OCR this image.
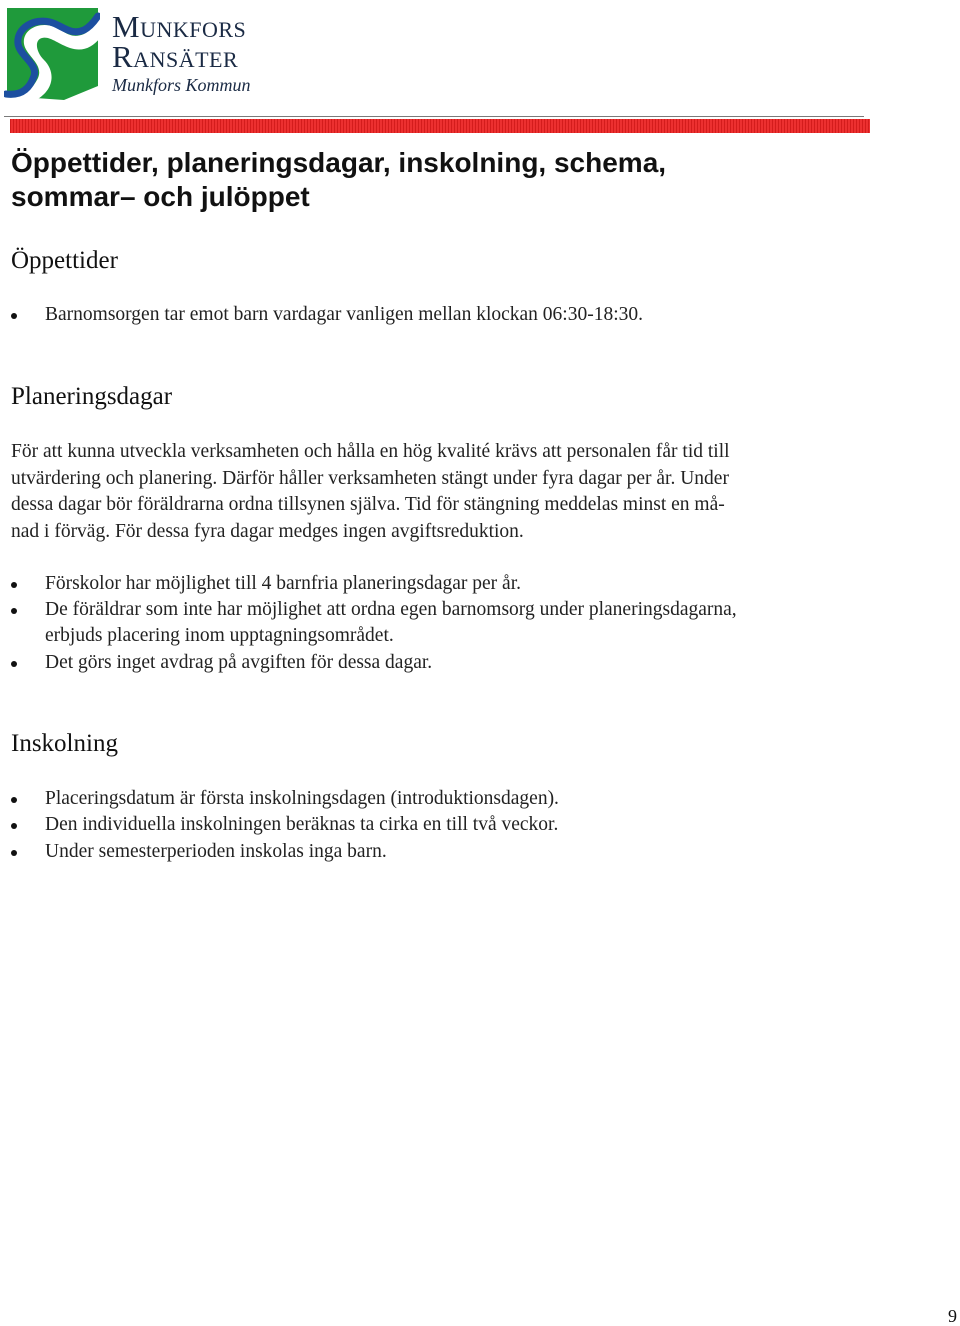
Munkfors
Ransäter
Munkfors Kommun
Öppettider, planeringsdagar, inskolning, schema,
sommar– och julöppet
Öppettider
Barnomsorgen tar emot barn vardagar vanligen mellan klockan 06:30-18:30.
Planeringsdagar
För att kunna utveckla verksamheten och hålla en hög kvalité krävs att personalen får tid till
utvärdering och planering. Därför håller verksamheten stängt under fyra dagar per år. Under
dessa dagar bör föräldrarna ordna tillsynen själva. Tid för stängning meddelas minst en må-
nad i förväg. För dessa fyra dagar medges ingen avgiftsreduktion.
Förskolor har möjlighet till 4 barnfria planeringsdagar per år.
De föräldrar som inte har möjlighet att ordna egen barnomsorg under planeringsdagarna,
erbjuds placering inom upptagningsområdet.
Det görs inget avdrag på avgiften för dessa dagar.
Inskolning
Placeringsdatum är första inskolningsdagen (introduktionsdagen).
Den individuella inskolningen beräknas ta cirka en till två veckor.
Under semesterperioden inskolas inga barn.
9
